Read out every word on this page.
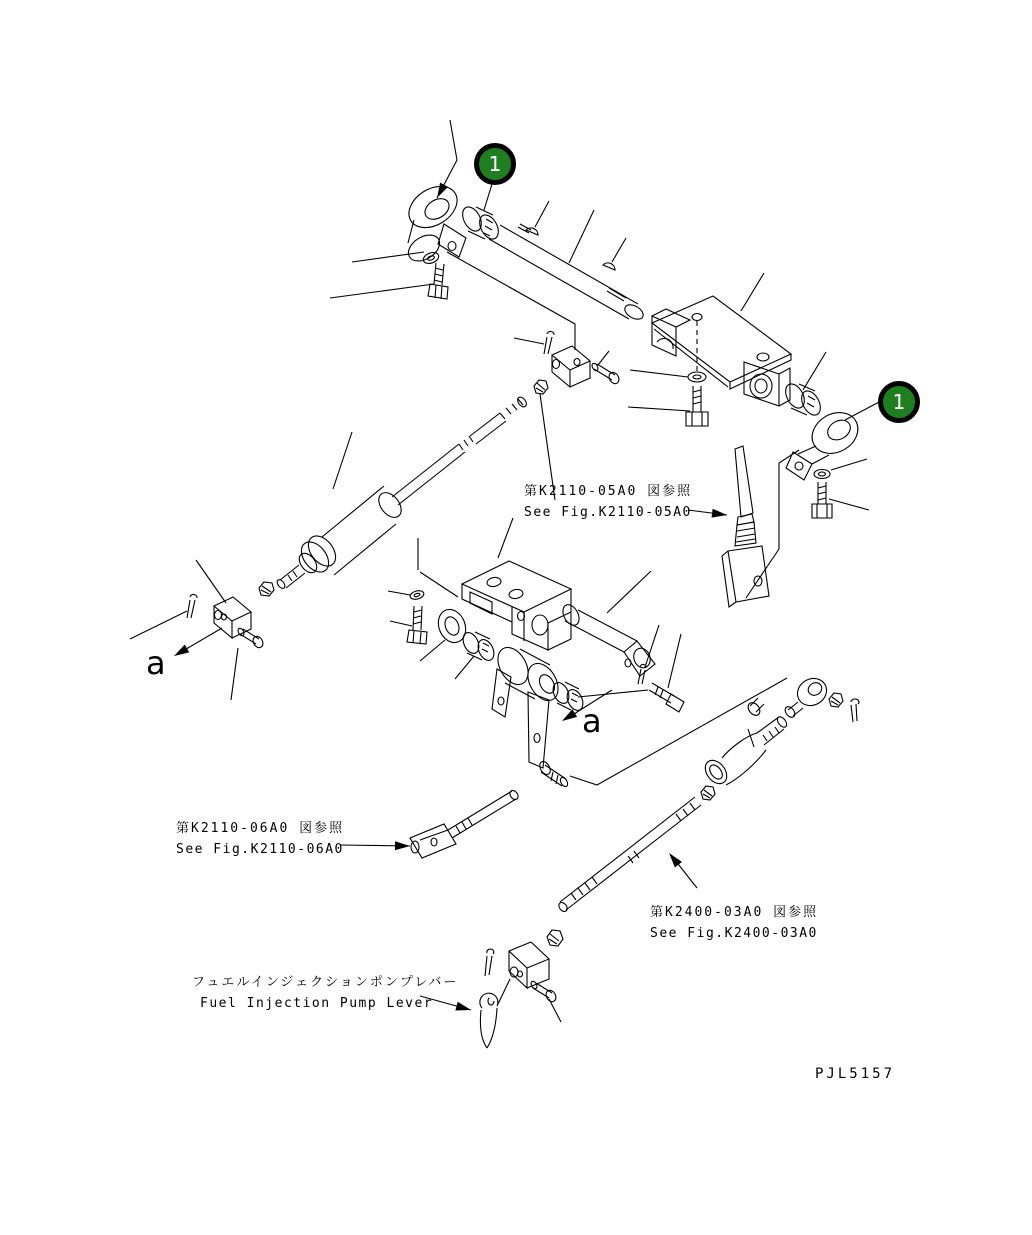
1
1
第K2110-05A0 図参照
See Fig.K2110-05A0
第K2110-06A0 図参照
See Fig.K2110-06A0
第K2400-03A0 図参照
See Fig.K2400-03A0
フュエルインジェクションポンプレバー
Fuel Injection Pump Lever
a
a
PJL5157
